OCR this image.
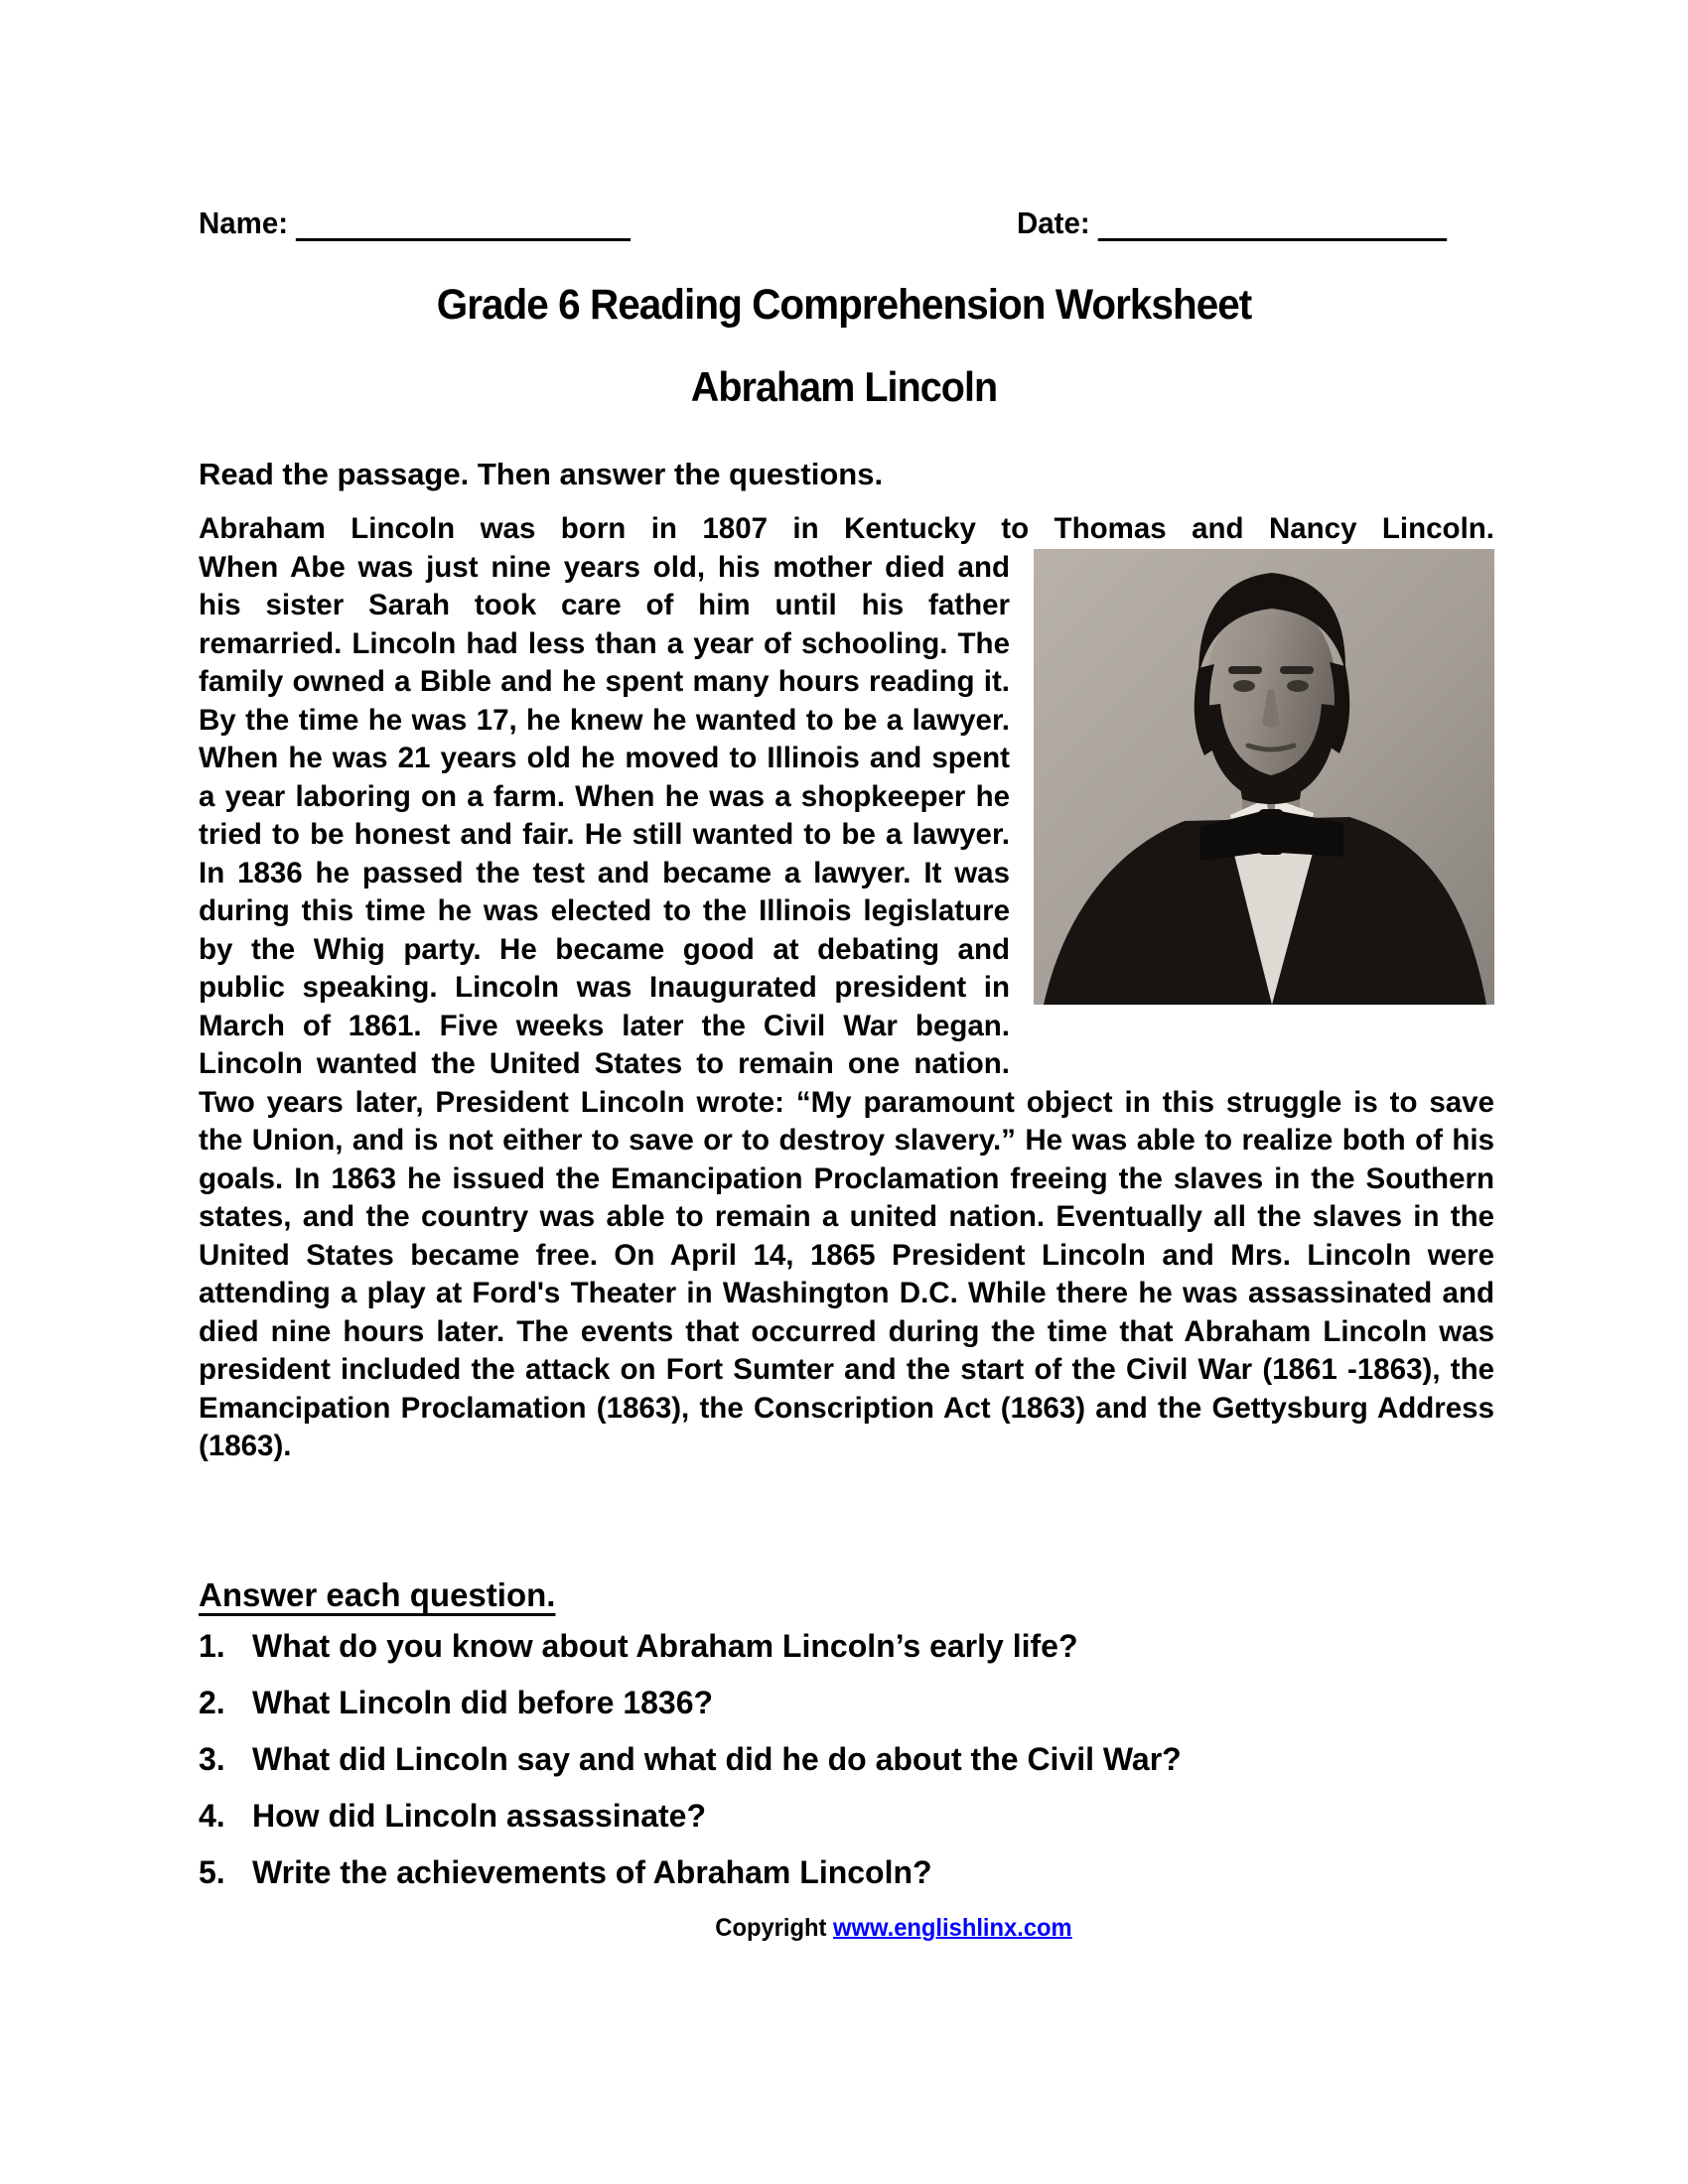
Name:	Date:
Grade 6 Reading Comprehension Worksheet
Abraham Lincoln
Read the passage. Then answer the questions.

Abraham Lincoln was born in 1807 in Kentucky to Thomas and Nancy Lincoln.

When Abe was just nine years old, his mother died and his sister Sarah took care of him until his father remarried. Lincoln had less than a year of schooling. The family owned a Bible and he spent many hours reading it. By the time he was 17, he knew he wanted to be a lawyer. When he was 21 years old he moved to Illinois and spent a year laboring on a farm. When he was a shopkeeper he tried to be honest and fair. He still wanted to be a lawyer. In 1836 he passed the test and became a lawyer. It was during this time he was elected to the Illinois legislature by the Whig party. He became good at debating and public speaking. Lincoln was Inaugurated president in March of 1861. Five weeks later the Civil War began. Lincoln wanted the United States to remain one nation. Two years later, President Lincoln wrote: “My paramount object in this struggle is to save the Union, and is not either to save or to destroy slavery.” He was able to realize both of his goals. In 1863 he issued the Emancipation Proclamation freeing the slaves in the Southern states, and the country was able to remain a united nation. Eventually all the slaves in the United States became free. On April 14, 1865 President Lincoln and Mrs. Lincoln were attending a play at Ford's Theater in Washington D.C. While there he was assassinated and died nine hours later. The events that occurred during the time that Abraham Lincoln was president included the attack on Fort Sumter and the start of the Civil War (1861 -1863), the Emancipation Proclamation (1863), the Conscription Act (1863) and the Gettysburg Address (1863).

Answer each question.

1. What do you know about Abraham Lincoln’s early life?
2. What Lincoln did before 1836?
3. What did Lincoln say and what did he do about the Civil War?
4. How did Lincoln assassinate?
5. Write the achievements of Abraham Lincoln?
Copyright www.englishlinx.com
